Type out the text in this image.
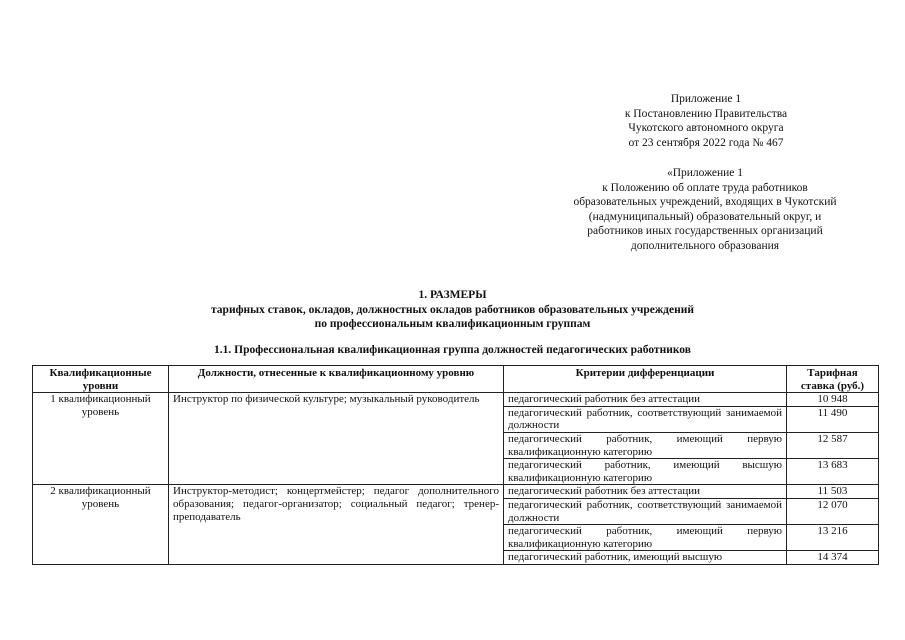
Приложение 1
к Постановлению Правительства
Чукотского автономного округа
от 23 сентября 2022 года № 467
«Приложение 1
к Положению об оплате труда работников
образовательных учреждений, входящих в Чукотский
(надмуниципальный) образовательный округ, и
работников иных государственных организаций
дополнительного образования
1. РАЗМЕРЫ
тарифных ставок, окладов, должностных окладов работников образовательных учреждений
по профессиональным квалификационным группам
1.1. Профессиональная квалификационная группа должностей педагогических работников
Квалификационные уровни	Должности, отнесенные к квалификационному уровню	Критерии дифференциации	Тарифная ставка (руб.)
1 квалификационный уровень	Инструктор по физической культуре; музыкальный руководитель	педагогический работник без аттестации	10 948
		педагогический работник, соответствующий занимаемой должности	11 490
		педагогический работник, имеющий первую квалификационную категорию	12 587
		педагогический работник, имеющий высшую квалификационную категорию	13 683
2 квалификационный уровень	Инструктор-методист; концертмейстер; педагог дополнительного образования; педагог-организатор; социальный педагог; тренер-преподаватель	педагогический работник без аттестации	11 503
		педагогический работник, соответствующий занимаемой должности	12 070
		педагогический работник, имеющий первую квалификационную категорию	13 216
		педагогический работник, имеющий высшую	14 374
